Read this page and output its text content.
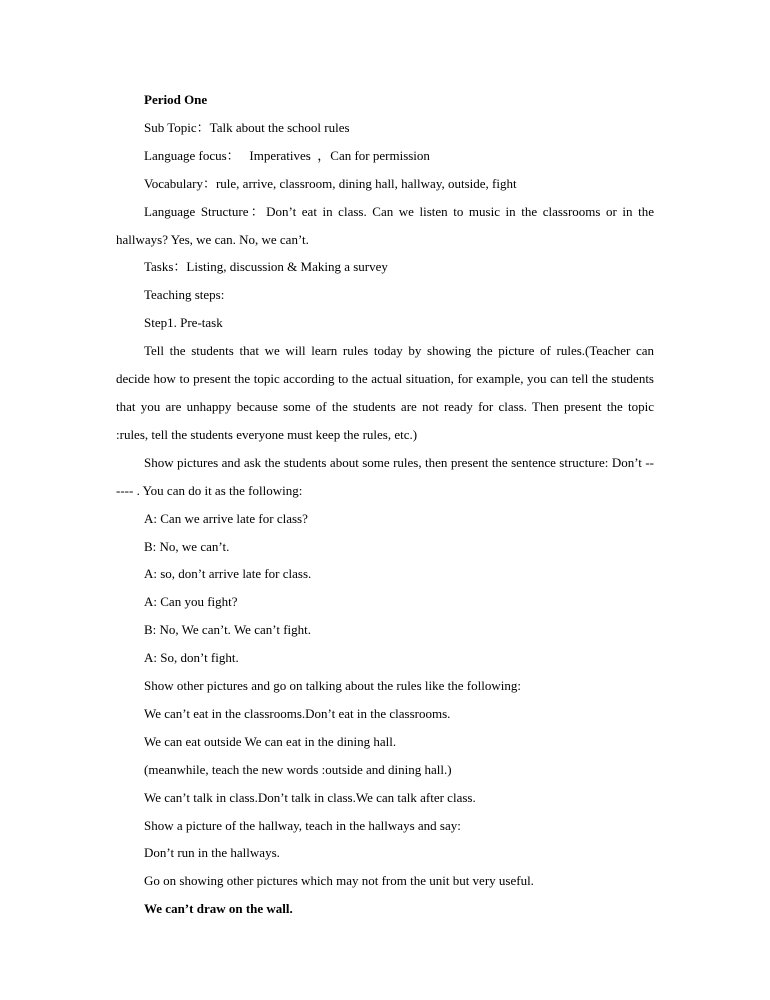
Period One
Sub Topic：Talk about the school rules
Language focus：   Imperatives  ，Can for permission
Vocabulary：rule, arrive, classroom, dining hall, hallway, outside, fight
Language Structure：Don’t eat in class. Can we listen to music in the classrooms or in the hallways? Yes, we can. No, we can’t.
Tasks：Listing, discussion & Making a survey
Teaching steps:
Step1. Pre-task
Tell the students that we will learn rules today by showing the picture of rules.(Teacher can decide how to present the topic according to the actual situation, for example, you can tell the students that you are unhappy because some of the students are not ready for class. Then present the topic :rules, tell the students everyone must keep the rules, etc.)
Show pictures and ask the students about some rules, then present the sentence structure: Don’t ------ . You can do it as the following:
A: Can we arrive late for class?
B: No, we can’t.
A: so, don’t arrive late for class.
A: Can you fight?
B: No, We can’t. We can’t fight.
A: So, don’t fight.
Show other pictures and go on talking about the rules like the following:
We can’t eat in the classrooms.Don’t eat in the classrooms.
We can eat outside We can eat in the dining hall.
(meanwhile, teach the new words :outside and dining hall.)
We can’t talk in class.Don’t talk in class.We can talk after class.
Show a picture of the hallway, teach in the hallways and say:
Don’t run in the hallways.
Go on showing other pictures which may not from the unit but very useful.
We can’t draw on the wall.
